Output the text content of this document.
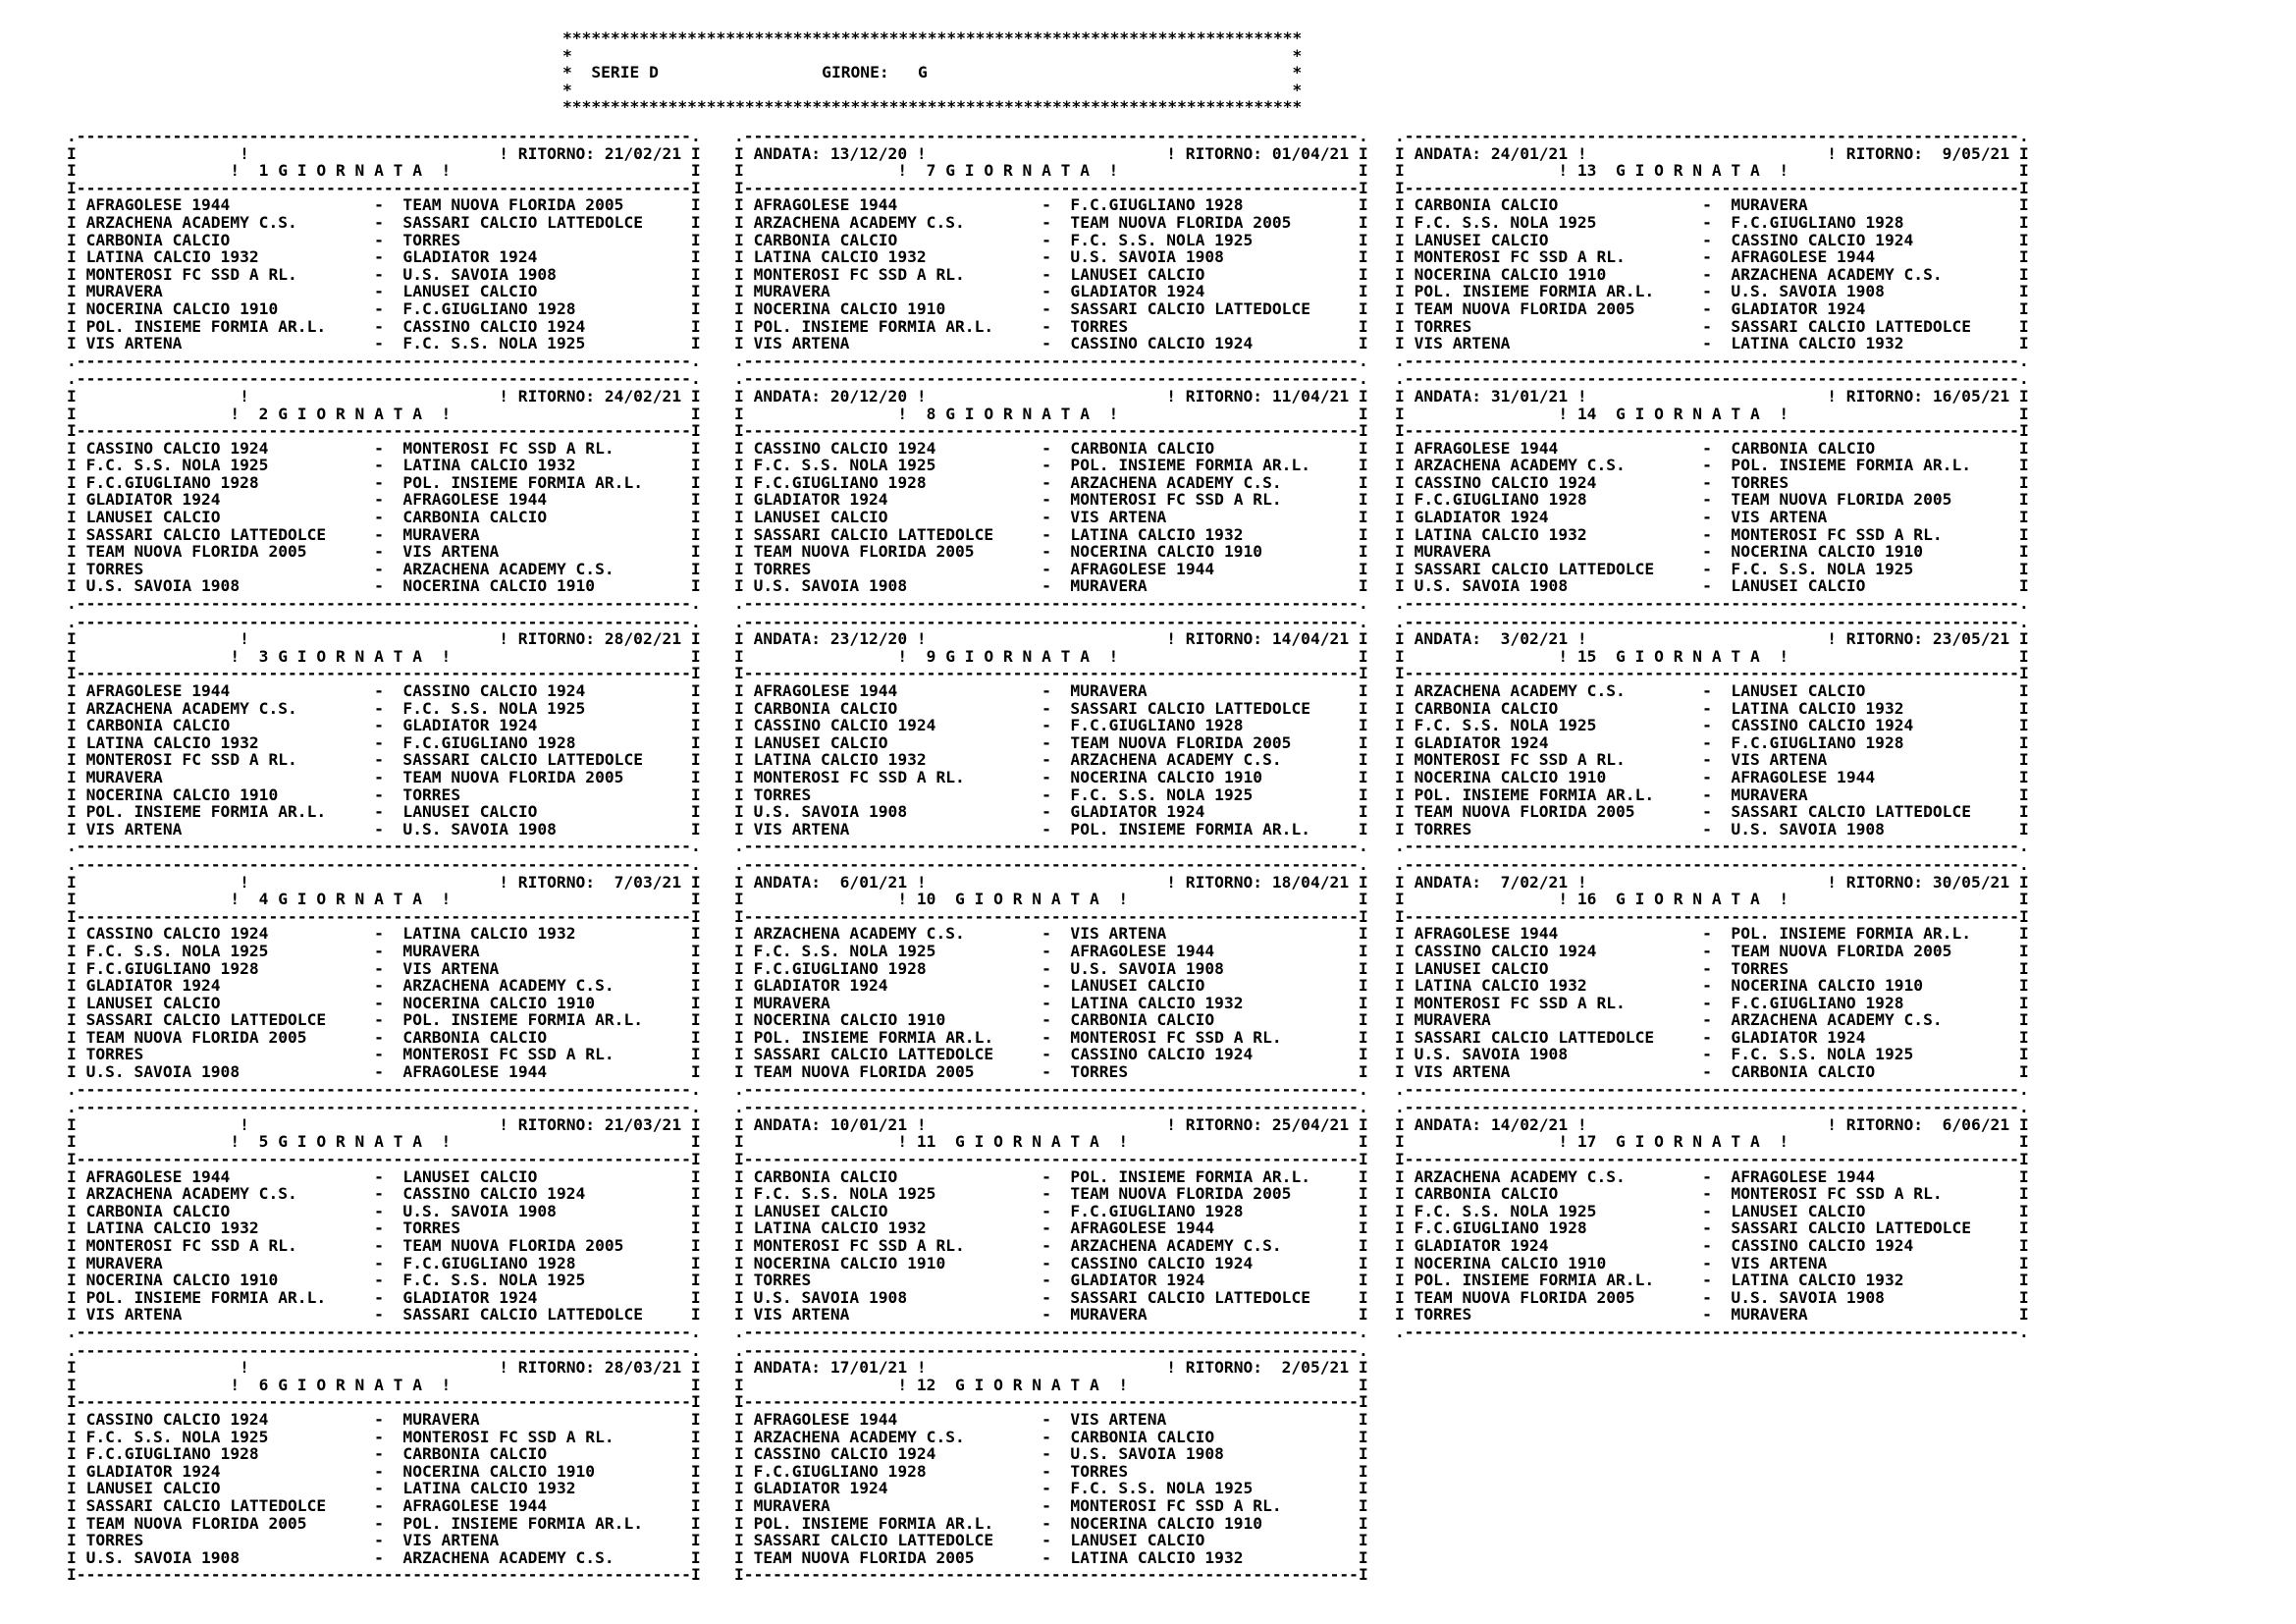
*****************************************************************************
*	*
* SERIE D                 GIRONE:   G	*
*	*
*****************************************************************************
. ---------------------------------------------------------------- .
I !	! RITORNO: 21/02/21 I
I	!  1 G I O R N A T A  !	I
I ---------------------------------------------------------------- I
I AFRAGOLESE 1944	- TEAM NUOVA FLORIDA 2005	I
I ARZACHENA ACADEMY C.S.	- SASSARI CALCIO LATTEDOLCE	I
I CARBONIA CALCIO	- TORRES	I
I LATINA CALCIO 1932	- GLADIATOR 1924	I
I MONTEROSI FC SSD A RL.	- U.S. SAVOIA 1908	I
I MURAVERA	- LANUSEI CALCIO	I
I NOCERINA CALCIO 1910	- F.C.GIUGLIANO 1928	I
I POL. INSIEME FORMIA AR.L.	- CASSINO CALCIO 1924	I
I VIS ARTENA	- F.C. S.S. NOLA 1925	I
. ---------------------------------------------------------------- .
. ---------------------------------------------------------------- .
I !	! RITORNO: 24/02/21 I
I	!  2 G I O R N A T A  !	I
I ---------------------------------------------------------------- I
I CASSINO CALCIO 1924	- MONTEROSI FC SSD A RL.	I
I F.C. S.S. NOLA 1925	- LATINA CALCIO 1932	I
I F.C.GIUGLIANO 1928	- POL. INSIEME FORMIA AR.L.	I
I GLADIATOR 1924	- AFRAGOLESE 1944	I
I LANUSEI CALCIO	- CARBONIA CALCIO	I
I SASSARI CALCIO LATTEDOLCE	- MURAVERA	I
I TEAM NUOVA FLORIDA 2005	- VIS ARTENA	I
I TORRES	- ARZACHENA ACADEMY C.S.	I
I U.S. SAVOIA 1908	- NOCERINA CALCIO 1910	I
. ---------------------------------------------------------------- .
. ---------------------------------------------------------------- .
I !	! RITORNO: 28/02/21 I
I	!  3 G I O R N A T A  !	I
I ---------------------------------------------------------------- I
I AFRAGOLESE 1944	- CASSINO CALCIO 1924	I
I ARZACHENA ACADEMY C.S.	- F.C. S.S. NOLA 1925	I
I CARBONIA CALCIO	- GLADIATOR 1924	I
I LATINA CALCIO 1932	- F.C.GIUGLIANO 1928	I
I MONTEROSI FC SSD A RL.	- SASSARI CALCIO LATTEDOLCE	I
I MURAVERA	- TEAM NUOVA FLORIDA 2005	I
I NOCERINA CALCIO 1910	- TORRES	I
I POL. INSIEME FORMIA AR.L.	- LANUSEI CALCIO	I
I VIS ARTENA	- U.S. SAVOIA 1908	I
. ---------------------------------------------------------------- .
. ---------------------------------------------------------------- .
I !	! RITORNO:  7/03/21 I
I	!  4 G I O R N A T A  !	I
I ---------------------------------------------------------------- I
I CASSINO CALCIO 1924	- LATINA CALCIO 1932	I
I F.C. S.S. NOLA 1925	- MURAVERA	I
I F.C.GIUGLIANO 1928	- VIS ARTENA	I
I GLADIATOR 1924	- ARZACHENA ACADEMY C.S.	I
I LANUSEI CALCIO	- NOCERINA CALCIO 1910	I
I SASSARI CALCIO LATTEDOLCE	- POL. INSIEME FORMIA AR.L.	I
I TEAM NUOVA FLORIDA 2005	- CARBONIA CALCIO	I
I TORRES	- MONTEROSI FC SSD A RL.	I
I U.S. SAVOIA 1908	- AFRAGOLESE 1944	I
. ---------------------------------------------------------------- .
. ---------------------------------------------------------------- .
I !	! RITORNO: 21/03/21 I
I	!  5 G I O R N A T A  !	I
I ---------------------------------------------------------------- I
I AFRAGOLESE 1944	- LANUSEI CALCIO	I
I ARZACHENA ACADEMY C.S.	- CASSINO CALCIO 1924	I
I CARBONIA CALCIO	- U.S. SAVOIA 1908	I
I LATINA CALCIO 1932	- TORRES	I
I MONTEROSI FC SSD A RL.	- TEAM NUOVA FLORIDA 2005	I
I MURAVERA	- F.C.GIUGLIANO 1928	I
I NOCERINA CALCIO 1910	- F.C. S.S. NOLA 1925	I
I POL. INSIEME FORMIA AR.L.	- GLADIATOR 1924	I
I VIS ARTENA	- SASSARI CALCIO LATTEDOLCE	I
. ---------------------------------------------------------------- .
. ---------------------------------------------------------------- .
I !	! RITORNO: 28/03/21 I
I	!  6 G I O R N A T A  !	I
I ---------------------------------------------------------------- I
I CASSINO CALCIO 1924	- MURAVERA	I
I F.C. S.S. NOLA 1925	- MONTEROSI FC SSD A RL.	I
I F.C.GIUGLIANO 1928	- CARBONIA CALCIO	I
I GLADIATOR 1924	- NOCERINA CALCIO 1910	I
I LANUSEI CALCIO	- LATINA CALCIO 1932	I
I SASSARI CALCIO LATTEDOLCE	- AFRAGOLESE 1944	I
I TEAM NUOVA FLORIDA 2005	- POL. INSIEME FORMIA AR.L.	I
I TORRES	- VIS ARTENA	I
I U.S. SAVOIA 1908	- ARZACHENA ACADEMY C.S.	I
I ---------------------------------------------------------------- I
. ---------------------------------------------------------------- .
I ANDATA: 13/12/20 !	! RITORNO: 01/04/21 I
I	!  7 G I O R N A T A  !	I
I ---------------------------------------------------------------- I
I AFRAGOLESE 1944	- F.C.GIUGLIANO 1928	I
I ARZACHENA ACADEMY C.S.	- TEAM NUOVA FLORIDA 2005	I
I CARBONIA CALCIO	- F.C. S.S. NOLA 1925	I
I LATINA CALCIO 1932	- U.S. SAVOIA 1908	I
I MONTEROSI FC SSD A RL.	- LANUSEI CALCIO	I
I MURAVERA	- GLADIATOR 1924	I
I NOCERINA CALCIO 1910	- SASSARI CALCIO LATTEDOLCE	I
I POL. INSIEME FORMIA AR.L.	- TORRES	I
I VIS ARTENA	- CASSINO CALCIO 1924	I
. ---------------------------------------------------------------- .
. ---------------------------------------------------------------- .
I ANDATA: 20/12/20 !	! RITORNO: 11/04/21 I
I	!  8 G I O R N A T A  !	I
I ---------------------------------------------------------------- I
I CASSINO CALCIO 1924	- CARBONIA CALCIO	I
I F.C. S.S. NOLA 1925	- POL. INSIEME FORMIA AR.L.	I
I F.C.GIUGLIANO 1928	- ARZACHENA ACADEMY C.S.	I
I GLADIATOR 1924	- MONTEROSI FC SSD A RL.	I
I LANUSEI CALCIO	- VIS ARTENA	I
I SASSARI CALCIO LATTEDOLCE	- LATINA CALCIO 1932	I
I TEAM NUOVA FLORIDA 2005	- NOCERINA CALCIO 1910	I
I TORRES	- AFRAGOLESE 1944	I
I U.S. SAVOIA 1908	- MURAVERA	I
. ---------------------------------------------------------------- .
. ---------------------------------------------------------------- .
I ANDATA: 23/12/20 !	! RITORNO: 14/04/21 I
I	!  9 G I O R N A T A  !	I
I ---------------------------------------------------------------- I
I AFRAGOLESE 1944	- MURAVERA	I
I CARBONIA CALCIO	- SASSARI CALCIO LATTEDOLCE	I
I CASSINO CALCIO 1924	- F.C.GIUGLIANO 1928	I
I LANUSEI CALCIO	- TEAM NUOVA FLORIDA 2005	I
I LATINA CALCIO 1932	- ARZACHENA ACADEMY C.S.	I
I MONTEROSI FC SSD A RL.	- NOCERINA CALCIO 1910	I
I TORRES	- F.C. S.S. NOLA 1925	I
I U.S. SAVOIA 1908	- GLADIATOR 1924	I
I VIS ARTENA	- POL. INSIEME FORMIA AR.L.	I
. ---------------------------------------------------------------- .
. ---------------------------------------------------------------- .
I ANDATA:  6/01/21 !	! RITORNO: 18/04/21 I
I	! 10  G I O R N A T A  !	I
I ---------------------------------------------------------------- I
I ARZACHENA ACADEMY C.S.	- VIS ARTENA	I
I F.C. S.S. NOLA 1925	- AFRAGOLESE 1944	I
I F.C.GIUGLIANO 1928	- U.S. SAVOIA 1908	I
I GLADIATOR 1924	- LANUSEI CALCIO	I
I MURAVERA	- LATINA CALCIO 1932	I
I NOCERINA CALCIO 1910	- CARBONIA CALCIO	I
I POL. INSIEME FORMIA AR.L.	- MONTEROSI FC SSD A RL.	I
I SASSARI CALCIO LATTEDOLCE	- CASSINO CALCIO 1924	I
I TEAM NUOVA FLORIDA 2005	- TORRES	I
. ---------------------------------------------------------------- .
. ---------------------------------------------------------------- .
I ANDATA: 10/01/21 !	! RITORNO: 25/04/21 I
I	! 11  G I O R N A T A  !	I
I ---------------------------------------------------------------- I
I CARBONIA CALCIO	- POL. INSIEME FORMIA AR.L.	I
I F.C. S.S. NOLA 1925	- TEAM NUOVA FLORIDA 2005	I
I LANUSEI CALCIO	- F.C.GIUGLIANO 1928	I
I LATINA CALCIO 1932	- AFRAGOLESE 1944	I
I MONTEROSI FC SSD A RL.	- ARZACHENA ACADEMY C.S.	I
I NOCERINA CALCIO 1910	- CASSINO CALCIO 1924	I
I TORRES	- GLADIATOR 1924	I
I U.S. SAVOIA 1908	- SASSARI CALCIO LATTEDOLCE	I
I VIS ARTENA	- MURAVERA	I
. ---------------------------------------------------------------- .
. ---------------------------------------------------------------- .
I ANDATA: 17/01/21 !	! RITORNO:  2/05/21 I
I	! 12  G I O R N A T A  !	I
I ---------------------------------------------------------------- I
I AFRAGOLESE 1944	- VIS ARTENA	I
I ARZACHENA ACADEMY C.S.	- CARBONIA CALCIO	I
I CASSINO CALCIO 1924	- U.S. SAVOIA 1908	I
I F.C.GIUGLIANO 1928	- TORRES	I
I GLADIATOR 1924	- F.C. S.S. NOLA 1925	I
I MURAVERA	- MONTEROSI FC SSD A RL.	I
I POL. INSIEME FORMIA AR.L.	- NOCERINA CALCIO 1910	I
I SASSARI CALCIO LATTEDOLCE	- LANUSEI CALCIO	I
I TEAM NUOVA FLORIDA 2005	- LATINA CALCIO 1932	I
I ---------------------------------------------------------------- I
. ---------------------------------------------------------------- .
I ANDATA: 24/01/21 !	! RITORNO:  9/05/21 I
I	! 13  G I O R N A T A  !	I
I ---------------------------------------------------------------- I
I CARBONIA CALCIO	- MURAVERA	I
I F.C. S.S. NOLA 1925	- F.C.GIUGLIANO 1928	I
I LANUSEI CALCIO	- CASSINO CALCIO 1924	I
I MONTEROSI FC SSD A RL.	- AFRAGOLESE 1944	I
I NOCERINA CALCIO 1910	- ARZACHENA ACADEMY C.S.	I
I POL. INSIEME FORMIA AR.L.	- U.S. SAVOIA 1908	I
I TEAM NUOVA FLORIDA 2005	- GLADIATOR 1924	I
I TORRES	- SASSARI CALCIO LATTEDOLCE	I
I VIS ARTENA	- LATINA CALCIO 1932	I
. ---------------------------------------------------------------- .
. ---------------------------------------------------------------- .
I ANDATA: 31/01/21 !	! RITORNO: 16/05/21 I
I	! 14  G I O R N A T A  !	I
I ---------------------------------------------------------------- I
I AFRAGOLESE 1944	- CARBONIA CALCIO	I
I ARZACHENA ACADEMY C.S.	- POL. INSIEME FORMIA AR.L.	I
I CASSINO CALCIO 1924	- TORRES	I
I F.C.GIUGLIANO 1928	- TEAM NUOVA FLORIDA 2005	I
I GLADIATOR 1924	- VIS ARTENA	I
I LATINA CALCIO 1932	- MONTEROSI FC SSD A RL.	I
I MURAVERA	- NOCERINA CALCIO 1910	I
I SASSARI CALCIO LATTEDOLCE	- F.C. S.S. NOLA 1925	I
I U.S. SAVOIA 1908	- LANUSEI CALCIO	I
. ---------------------------------------------------------------- .
. ---------------------------------------------------------------- .
I ANDATA:  3/02/21 !	! RITORNO: 23/05/21 I
I	! 15  G I O R N A T A  !	I
I ---------------------------------------------------------------- I
I ARZACHENA ACADEMY C.S.	- LANUSEI CALCIO	I
I CARBONIA CALCIO	- LATINA CALCIO 1932	I
I F.C. S.S. NOLA 1925	- CASSINO CALCIO 1924	I
I GLADIATOR 1924	- F.C.GIUGLIANO 1928	I
I MONTEROSI FC SSD A RL.	- VIS ARTENA	I
I NOCERINA CALCIO 1910	- AFRAGOLESE 1944	I
I POL. INSIEME FORMIA AR.L.	- MURAVERA	I
I TEAM NUOVA FLORIDA 2005	- SASSARI CALCIO LATTEDOLCE	I
I TORRES	- U.S. SAVOIA 1908	I
. ---------------------------------------------------------------- .
. ---------------------------------------------------------------- .
I ANDATA:  7/02/21 !	! RITORNO: 30/05/21 I
I	! 16  G I O R N A T A  !	I
I ---------------------------------------------------------------- I
I AFRAGOLESE 1944	- POL. INSIEME FORMIA AR.L.	I
I CASSINO CALCIO 1924	- TEAM NUOVA FLORIDA 2005	I
I LANUSEI CALCIO	- TORRES	I
I LATINA CALCIO 1932	- NOCERINA CALCIO 1910	I
I MONTEROSI FC SSD A RL.	- F.C.GIUGLIANO 1928	I
I MURAVERA	- ARZACHENA ACADEMY C.S.	I
I SASSARI CALCIO LATTEDOLCE	- GLADIATOR 1924	I
I U.S. SAVOIA 1908	- F.C. S.S. NOLA 1925	I
I VIS ARTENA	- CARBONIA CALCIO	I
. ---------------------------------------------------------------- .
. ---------------------------------------------------------------- .
I ANDATA: 14/02/21 !	! RITORNO:  6/06/21 I
I	! 17  G I O R N A T A  !	I
I ---------------------------------------------------------------- I
I ARZACHENA ACADEMY C.S.	- AFRAGOLESE 1944	I
I CARBONIA CALCIO	- MONTEROSI FC SSD A RL.	I
I F.C. S.S. NOLA 1925	- LANUSEI CALCIO	I
I F.C.GIUGLIANO 1928	- SASSARI CALCIO LATTEDOLCE	I
I GLADIATOR 1924	- CASSINO CALCIO 1924	I
I NOCERINA CALCIO 1910	- VIS ARTENA	I
I POL. INSIEME FORMIA AR.L.	- LATINA CALCIO 1932	I
I TEAM NUOVA FLORIDA 2005	- U.S. SAVOIA 1908	I
I TORRES	- MURAVERA	I
. ---------------------------------------------------------------- .
